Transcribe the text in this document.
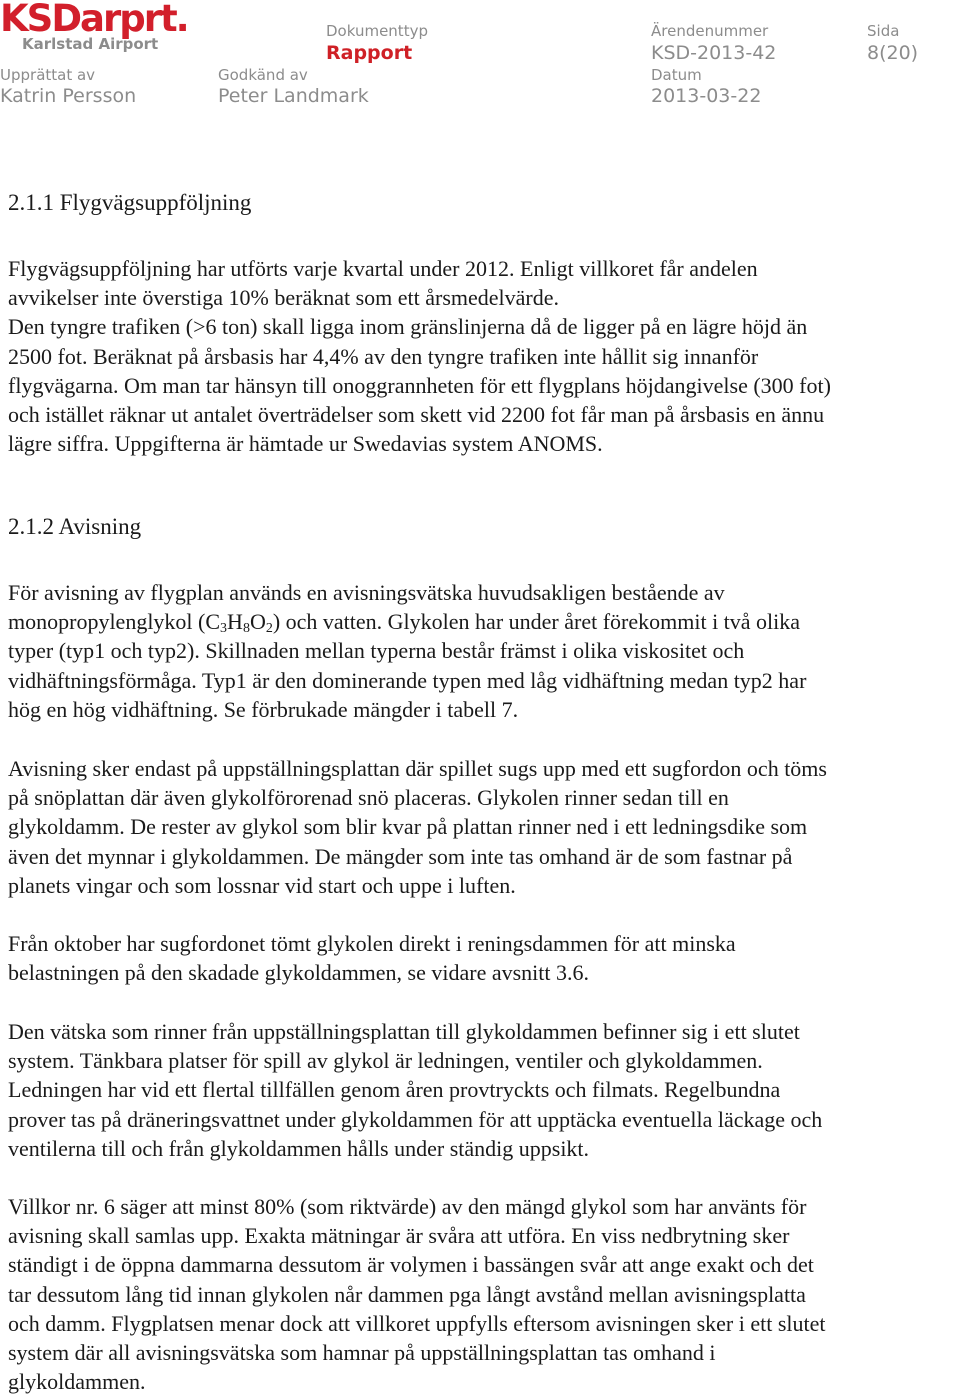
KSDarprt.
Karlstad Airport
Dokumenttyp
Rapport
Ärendenummer
KSD-2013-42
Sida
8(20)
Upprättat av
Katrin Persson
Godkänd av
Peter Landmark
Datum
2013-03-22
2.1.1 Flygvägsuppföljning

Flygvägsuppföljning har utförts varje kvartal under 2012. Enligt villkoret får andelen
avvikelser inte överstiga 10% beräknat som ett årsmedelvärde.
Den tyngre trafiken (>6 ton) skall ligga inom gränslinjerna då de ligger på en lägre höjd än
2500 fot. Beräknat på årsbasis har 4,4% av den tyngre trafiken inte hållit sig innanför
flygvägarna. Om man tar hänsyn till onoggrannheten för ett flygplans höjdangivelse (300 fot)
och istället räknar ut antalet överträdelser som skett vid 2200 fot får man på årsbasis en ännu
lägre siffra. Uppgifterna är hämtade ur Swedavias system ANOMS.

2.1.2 Avisning

För avisning av flygplan används en avisningsvätska huvudsakligen bestående av
monopropylenglykol $(C_3H_8O_2)$ och vatten. Glykolen har under året förekommit i två olika
typer (typ1 och typ2). Skillnaden mellan typerna består främst i olika viskositet och
vidhäftningsförmåga. Typ1 är den dominerande typen med låg vidhäftning medan typ2 har
hög en hög vidhäftning. Se förbrukade mängder i tabell 7.

Avisning sker endast på uppställningsplattan där spillet sugs upp med ett sugfordon och töms
på snöplattan där även glykolförorenad snö placeras. Glykolen rinner sedan till en
glykoldamm. De rester av glykol som blir kvar på plattan rinner ned i ett ledningsdike som
även det mynnar i glykoldammen. De mängder som inte tas omhand är de som fastnar på
planets vingar och som lossnar vid start och uppe i luften.

Från oktober har sugfordonet tömt glykolen direkt i reningsdammen för att minska
belastningen på den skadade glykoldammen, se vidare avsnitt 3.6.

Den vätska som rinner från uppställningsplattan till glykoldammen befinner sig i ett slutet
system. Tänkbara platser för spill av glykol är ledningen, ventiler och glykoldammen.
Ledningen har vid ett flertal tillfällen genom åren provtryckts och filmats. Regelbundna
prover tas på dräneringsvattnet under glykoldammen för att upptäcka eventuella läckage och
ventilerna till och från glykoldammen hålls under ständig uppsikt.

Villkor nr. 6 säger att minst 80% (som riktvärde) av den mängd glykol som har använts för
avisning skall samlas upp. Exakta mätningar är svåra att utföra. En viss nedbrytning sker
ständigt i de öppna dammarna dessutom är volymen i bassängen svår att ange exakt och det
tar dessutom lång tid innan glykolen når dammen pga långt avstånd mellan avisningsplatta
och damm. Flygplatsen menar dock att villkoret uppfylls eftersom avisningen sker i ett slutet
system där all avisningsvätska som hamnar på uppställningsplattan tas omhand i
glykoldammen.
